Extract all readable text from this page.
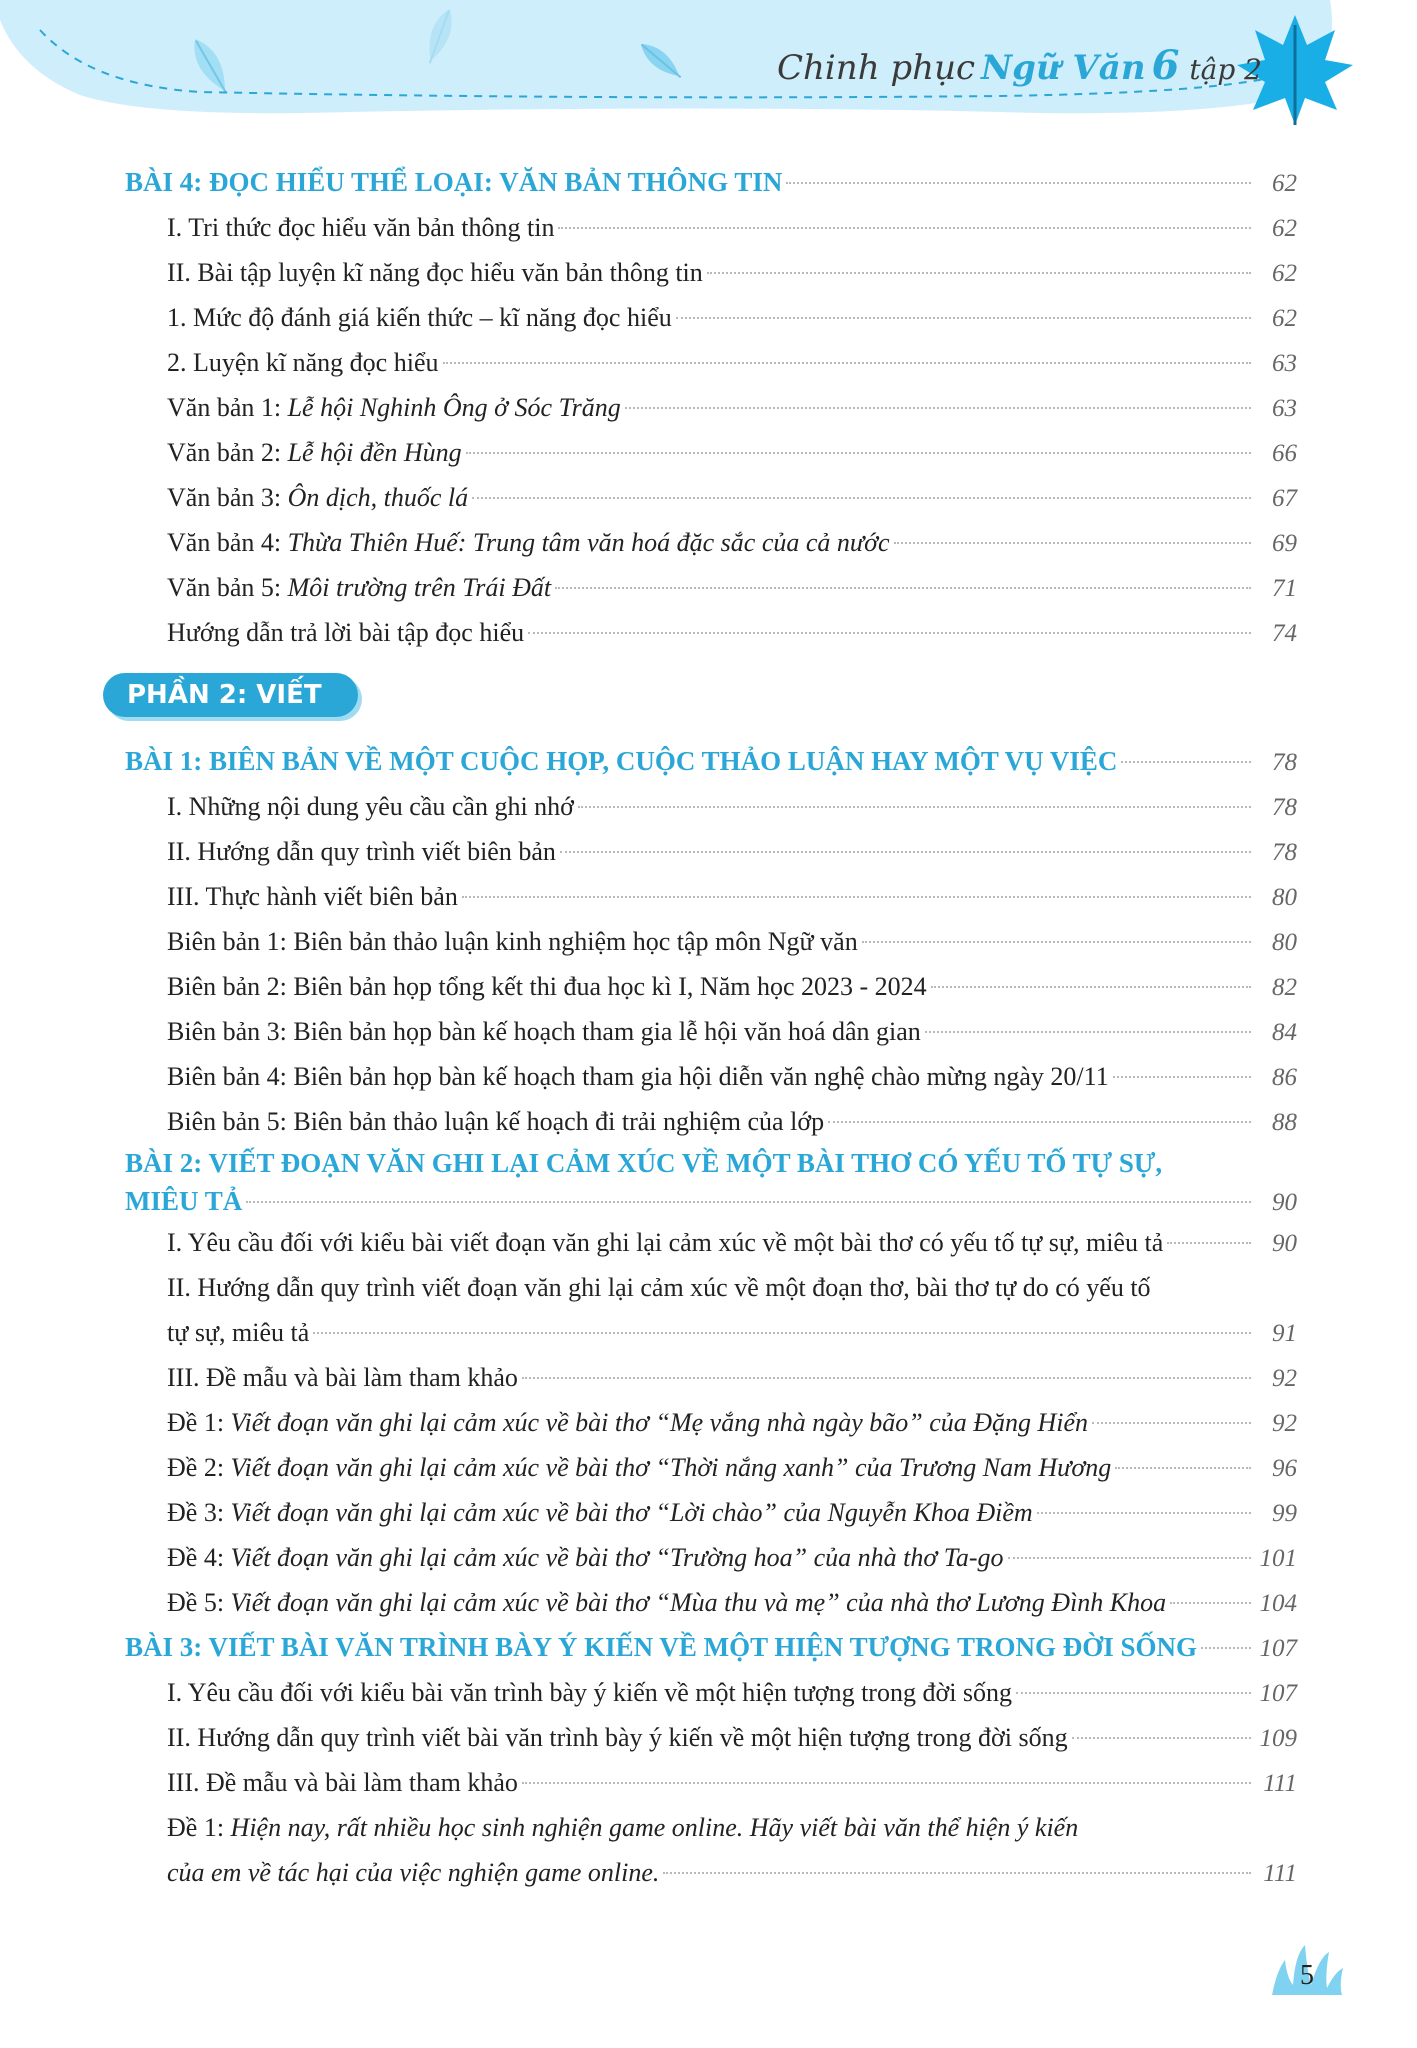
Chinh phục Ngữ Văn 6 tập 2
BÀI 4: ĐỌC HIỂU THỂ LOẠI: VĂN BẢN THÔNG TIN	62
I. Tri thức đọc hiểu văn bản thông tin	62
II. Bài tập luyện kĩ năng đọc hiểu văn bản thông tin	62
1. Mức độ đánh giá kiến thức – kĩ năng đọc hiểu	62
2. Luyện kĩ năng đọc hiểu	63
Văn bản 1: Lễ hội Nghinh Ông ở Sóc Trăng	63
Văn bản 2: Lễ hội đền Hùng	66
Văn bản 3: Ôn dịch, thuốc lá	67
Văn bản 4: Thừa Thiên Huế: Trung tâm văn hoá đặc sắc của cả nước	69
Văn bản 5: Môi trường trên Trái Đất	71
Hướng dẫn trả lời bài tập đọc hiểu	74
PHẦN 2: VIẾT
BÀI 1: BIÊN BẢN VỀ MỘT CUỘC HỌP, CUỘC THẢO LUẬN HAY MỘT VỤ VIỆC	78
I. Những nội dung yêu cầu cần ghi nhớ	78
II. Hướng dẫn quy trình viết biên bản	78
III. Thực hành viết biên bản	80
Biên bản 1: Biên bản thảo luận kinh nghiệm học tập môn Ngữ văn	80
Biên bản 2: Biên bản họp tổng kết thi đua học kì I, Năm học 2023 - 2024	82
Biên bản 3: Biên bản họp bàn kế hoạch tham gia lễ hội văn hoá dân gian	84
Biên bản 4: Biên bản họp bàn kế hoạch tham gia hội diễn văn nghệ chào mừng ngày 20/11	86
Biên bản 5: Biên bản thảo luận kế hoạch đi trải nghiệm của lớp	88
BÀI 2: VIẾT ĐOẠN VĂN GHI LẠI CẢM XÚC VỀ MỘT BÀI THƠ CÓ YẾU TỐ TỰ SỰ,
MIÊU TẢ	90
I. Yêu cầu đối với kiểu bài viết đoạn văn ghi lại cảm xúc về một bài thơ có yếu tố tự sự, miêu tả	90
II. Hướng dẫn quy trình viết đoạn văn ghi lại cảm xúc về một đoạn thơ, bài thơ tự do có yếu tố
tự sự, miêu tả	91
III. Đề mẫu và bài làm tham khảo	92
Đề 1: Viết đoạn văn ghi lại cảm xúc về bài thơ “Mẹ vắng nhà ngày bão” của Đặng Hiển	92
Đề 2: Viết đoạn văn ghi lại cảm xúc về bài thơ “Thời nắng xanh” của Trương Nam Hương	96
Đề 3: Viết đoạn văn ghi lại cảm xúc về bài thơ “Lời chào” của Nguyễn Khoa Điềm	99
Đề 4: Viết đoạn văn ghi lại cảm xúc về bài thơ “Trường hoa” của nhà thơ Ta-go	101
Đề 5: Viết đoạn văn ghi lại cảm xúc về bài thơ “Mùa thu và mẹ” của nhà thơ Lương Đình Khoa	104
BÀI 3: VIẾT BÀI VĂN TRÌNH BÀY Ý KIẾN VỀ MỘT HIỆN TƯỢNG TRONG ĐỜI SỐNG	107
I. Yêu cầu đối với kiểu bài văn trình bày ý kiến về một hiện tượng trong đời sống	107
II. Hướng dẫn quy trình viết bài văn trình bày ý kiến về một hiện tượng trong đời sống	109
III. Đề mẫu và bài làm tham khảo	111
Đề 1: Hiện nay, rất nhiều học sinh nghiện game online. Hãy viết bài văn thể hiện ý kiến
của em về tác hại của việc nghiện game online.	111
5
